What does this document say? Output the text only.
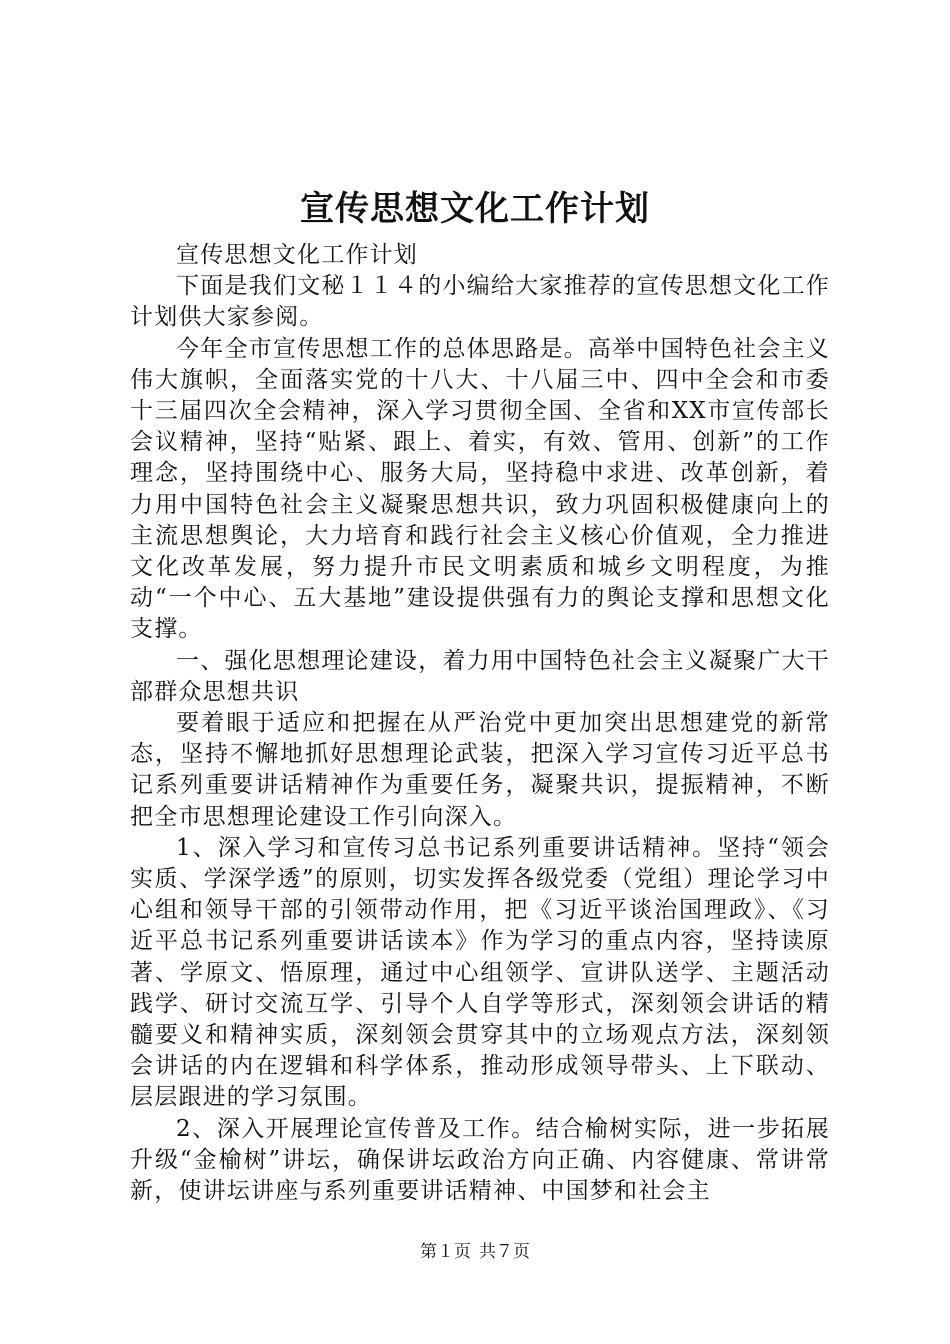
宣传思想文化工作计划

宣传思想文化工作计划

下面是我们文秘１１４的小编给大家推荐的宣传思想文化工作计划供大家参阅。

今年全市宣传思想工作的总体思路是。高举中国特色社会主义伟大旗帜，全面落实党的十八大、十八届三中、四中全会和市委十三届四次全会精神，深入学习贯彻全国、全省和XX市宣传部长会议精神，坚持“贴紧、跟上、着实，有效、管用、创新”的工作理念，坚持围绕中心、服务大局，坚持稳中求进、改革创新，着力用中国特色社会主义凝聚思想共识，致力巩固积极健康向上的主流思想舆论，大力培育和践行社会主义核心价值观，全力推进文化改革发展，努力提升市民文明素质和城乡文明程度，为推动“一个中心、五大基地”建设提供强有力的舆论支撑和思想文化支撑。

一、强化思想理论建设，着力用中国特色社会主义凝聚广大干部群众思想共识

要着眼于适应和把握在从严治党中更加突出思想建党的新常态，坚持不懈地抓好思想理论武装，把深入学习宣传习近平总书记系列重要讲话精神作为重要任务，凝聚共识，提振精神，不断把全市思想理论建设工作引向深入。

1、深入学习和宣传习总书记系列重要讲话精神。坚持“领会实质、学深学透”的原则，切实发挥各级党委（党组）理论学习中心组和领导干部的引领带动作用，把《习近平谈治国理政》、《习近平总书记系列重要讲话读本》作为学习的重点内容，坚持读原著、学原文、悟原理，通过中心组领学、宣讲队送学、主题活动践学、研讨交流互学、引导个人自学等形式，深刻领会讲话的精髓要义和精神实质，深刻领会贯穿其中的立场观点方法，深刻领会讲话的内在逻辑和科学体系，推动形成领导带头、上下联动、层层跟进的学习氛围。

2、深入开展理论宣传普及工作。结合榆树实际，进一步拓展升级“金榆树”讲坛，确保讲坛政治方向正确、内容健康、常讲常新，使讲坛讲座与系列重要讲话精神、中国梦和社会主

第１页 共７页
